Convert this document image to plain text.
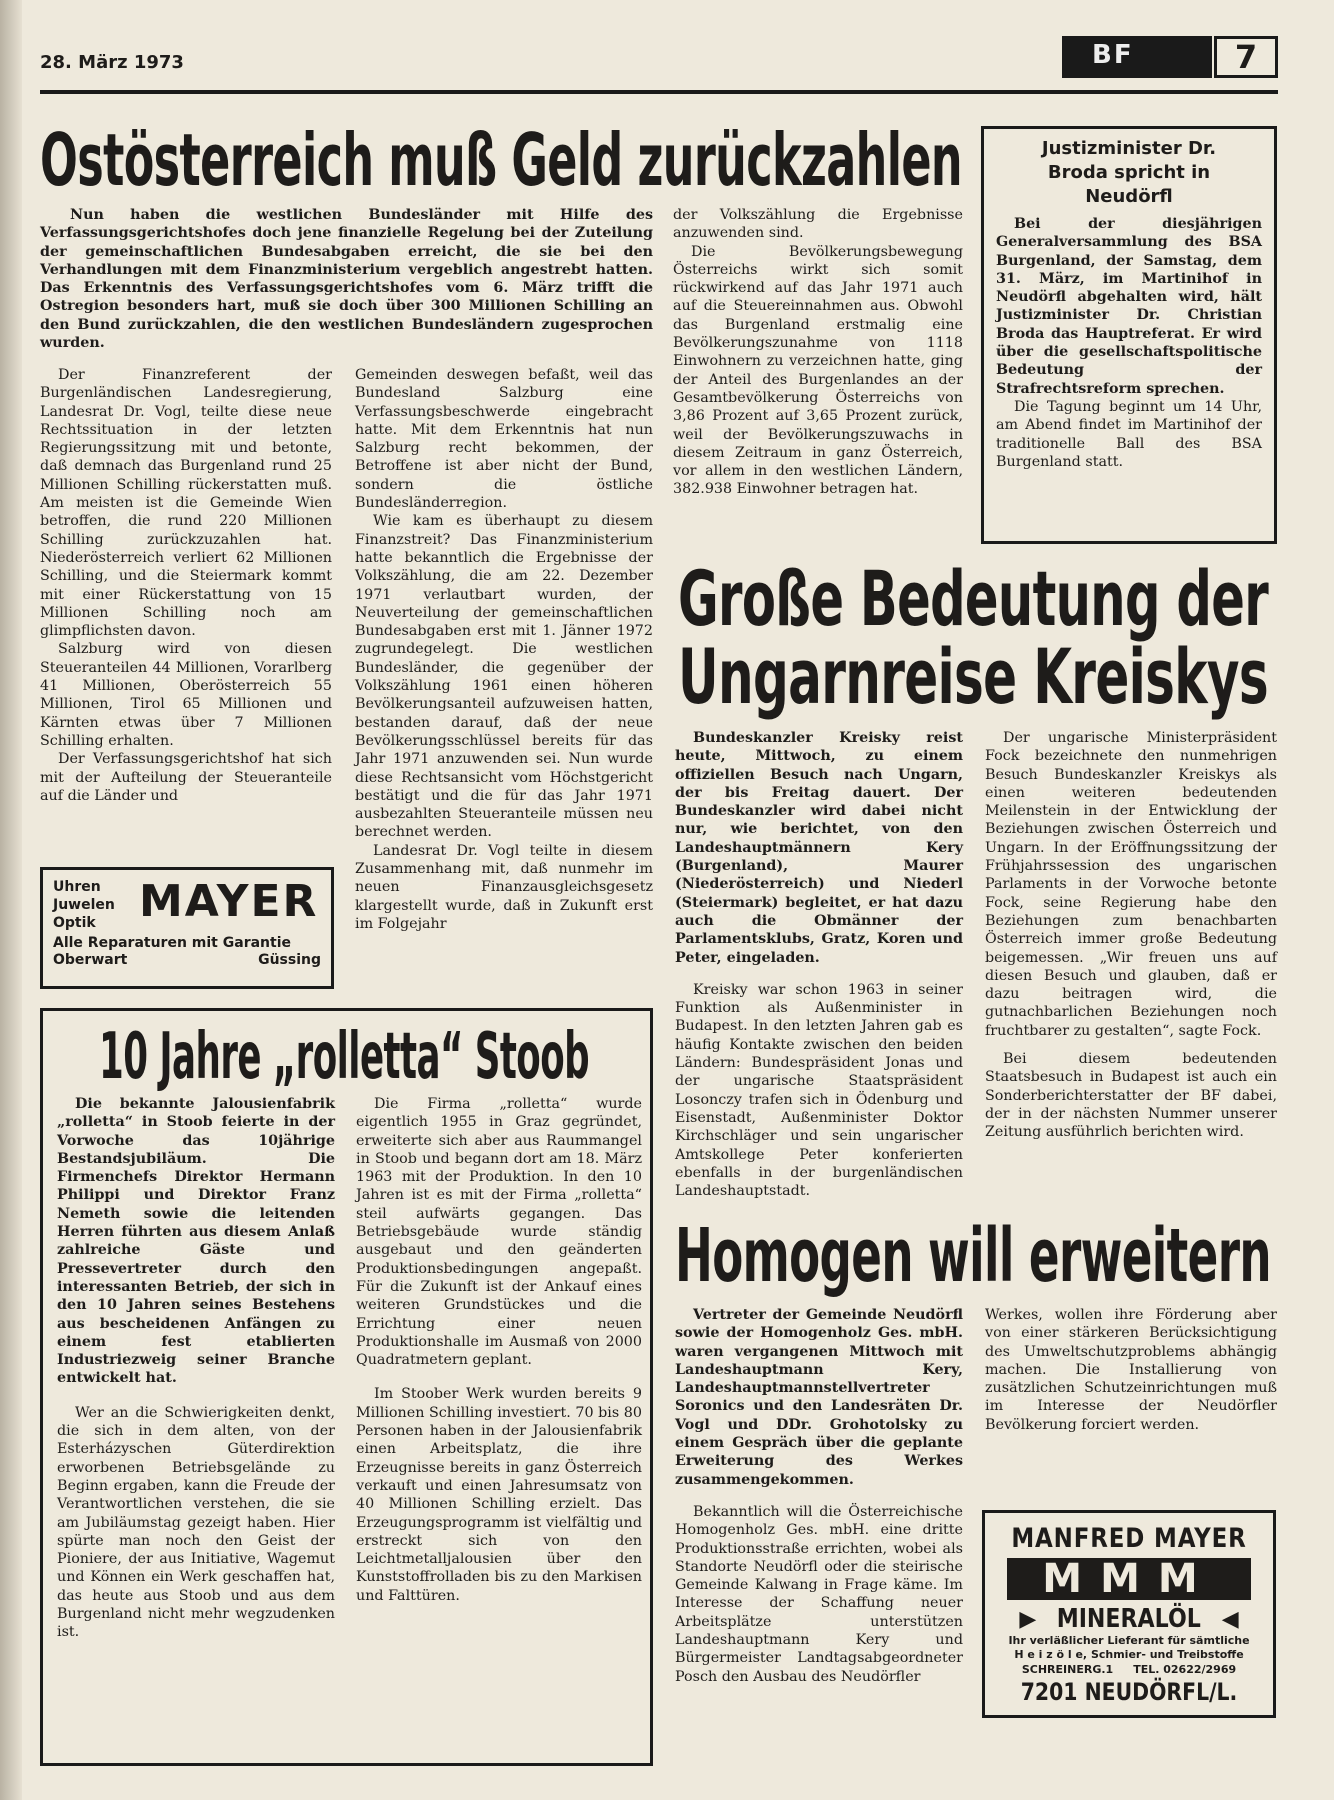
28. März 1973	BF	7
Ostösterreich muß Geld zurückzahlen
Nun haben die westlichen Bundesländer mit Hilfe des Verfassungsgerichtshofes doch jene finanzielle Regelung bei der Zuteilung der gemeinschaftlichen Bundesabgaben erreicht, die sie bei den Verhandlungen mit dem Finanzministerium vergeblich angestrebt hatten. Das Erkenntnis des Verfassungsgerichtshofes vom 6. März trifft die Ostregion besonders hart, muß sie doch über 300 Millionen Schilling an den Bund zurückzahlen, die den westlichen Bundesländern zugesprochen wurden.

Der Finanzreferent der Burgenländischen Landesregierung, Landesrat Dr. Vogl, teilte diese neue Rechtssituation in der letzten Regierungssitzung mit und betonte, daß demnach das Burgenland rund 25 Millionen Schilling rückerstatten muß. Am meisten ist die Gemeinde Wien betroffen, die rund 220 Millionen Schilling zurückzuzahlen hat. Niederösterreich verliert 62 Millionen Schilling, und die Steiermark kommt mit einer Rückerstattung von 15 Millionen Schilling noch am glimpflichsten davon.

Salzburg wird von diesen Steueranteilen 44 Millionen, Vorarlberg 41 Millionen, Oberösterreich 55 Millionen, Tirol 65 Millionen und Kärnten etwas über 7 Millionen Schilling erhalten.

Der Verfassungsgerichtshof hat sich mit der Aufteilung der Steueranteile auf die Länder und

Gemeinden deswegen befaßt, weil das Bundesland Salzburg eine Verfassungsbeschwerde eingebracht hatte. Mit dem Erkenntnis hat nun Salzburg recht bekommen, der Betroffene ist aber nicht der Bund, sondern die östliche Bundesländerregion.

Wie kam es überhaupt zu diesem Finanzstreit? Das Finanzministerium hatte bekanntlich die Ergebnisse der Volkszählung, die am 22. Dezember 1971 verlautbart wurden, der Neuverteilung der gemeinschaftlichen Bundesabgaben erst mit 1. Jänner 1972 zugrundegelegt. Die westlichen Bundesländer, die gegenüber der Volkszählung 1961 einen höheren Bevölkerungsanteil aufzuweisen hatten, bestanden darauf, daß der neue Bevölkerungsschlüssel bereits für das Jahr 1971 anzuwenden sei. Nun wurde diese Rechtsansicht vom Höchstgericht bestätigt und die für das Jahr 1971 ausbezahlten Steueranteile müssen neu berechnet werden.

Landesrat Dr. Vogl teilte in diesem Zusammenhang mit, daß nunmehr im neuen Finanzausgleichsgesetz klargestellt wurde, daß in Zukunft erst im Folgejahr

der Volkszählung die Ergebnisse anzuwenden sind.

Die Bevölkerungsbewegung Österreichs wirkt sich somit rückwirkend auf das Jahr 1971 auch auf die Steuereinnahmen aus. Obwohl das Burgenland erstmalig eine Bevölkerungszunahme von 1118 Einwohnern zu verzeichnen hatte, ging der Anteil des Burgenlandes an der Gesamtbevölkerung Österreichs von 3,86 Prozent auf 3,65 Prozent zurück, weil der Bevölkerungszuwachs in diesem Zeitraum in ganz Österreich, vor allem in den westlichen Ländern, 382.938 Einwohner betragen hat.

Uhren
Juwelen
Optik MAYER
Alle Reparaturen mit Garantie
Oberwart	Güssing
Justizminister Dr. Broda spricht in Neudörfl
Bei der diesjährigen Generalversammlung des BSA Burgenland, der Samstag, dem 31. März, im Martinihof in Neudörfl abgehalten wird, hält Justizminister Dr. Christian Broda das Hauptreferat. Er wird über die gesellschaftspolitische Bedeutung der Strafrechtsreform sprechen.
Die Tagung beginnt um 14 Uhr, am Abend findet im Martinihof der traditionelle Ball des BSA Burgenland statt.
Große Bedeutung der
Ungarnreise Kreiskys

Bundeskanzler Kreisky reist heute, Mittwoch, zu einem offiziellen Besuch nach Ungarn, der bis Freitag dauert. Der Bundeskanzler wird dabei nicht nur, wie berichtet, von den Landeshauptmännern Kery (Burgenland), Maurer (Niederösterreich) und Niederl (Steiermark) begleitet, er hat dazu auch die Obmänner der Parlamentsklubs, Gratz, Koren und Peter, eingeladen.

Kreisky war schon 1963 in seiner Funktion als Außenminister in Budapest. In den letzten Jahren gab es häufig Kontakte zwischen den beiden Ländern: Bundespräsident Jonas und der ungarische Staatspräsident Losonczy trafen sich in Ödenburg und Eisenstadt, Außenminister Doktor Kirchschläger und sein ungarischer Amtskollege Peter konferierten ebenfalls in der burgenländischen Landeshauptstadt.

Der ungarische Ministerpräsident Fock bezeichnete den nunmehrigen Besuch Bundeskanzler Kreiskys als einen weiteren bedeutenden Meilenstein in der Entwicklung der Beziehungen zwischen Österreich und Ungarn. In der Eröffnungssitzung der Frühjahrssession des ungarischen Parlaments in der Vorwoche betonte Fock, seine Regierung habe den Beziehungen zum benachbarten Österreich immer große Bedeutung beigemessen. „Wir freuen uns auf diesen Besuch und glauben, daß er dazu beitragen wird, die gutnachbarlichen Beziehungen noch fruchtbarer zu gestalten“, sagte Fock.

Bei diesem bedeutenden Staatsbesuch in Budapest ist auch ein Sonderberichterstatter der BF dabei, der in der nächsten Nummer unserer Zeitung ausführlich berichten wird.

10 Jahre „rolletta“ Stoob

Die bekannte Jalousienfabrik „rolletta“ in Stoob feierte in der Vorwoche das 10jährige Bestandsjubiläum. Die Firmenchefs Direktor Hermann Philippi und Direktor Franz Nemeth sowie die leitenden Herren führten aus diesem Anlaß zahlreiche Gäste und Pressevertreter durch den interessanten Betrieb, der sich in den 10 Jahren seines Bestehens aus bescheidenen Anfängen zu einem fest etablierten Industriezweig seiner Branche entwickelt hat.

Wer an die Schwierigkeiten denkt, die sich in dem alten, von der Esterházyschen Güterdirektion erworbenen Betriebsgelände zu Beginn ergaben, kann die Freude der Verantwortlichen verstehen, die sie am Jubiläumstag gezeigt haben. Hier spürte man noch den Geist der Pioniere, der aus Initiative, Wagemut und Können ein Werk geschaffen hat, das heute aus Stoob und aus dem Burgenland nicht mehr wegzudenken ist.

Die Firma „rolletta“ wurde eigentlich 1955 in Graz gegründet, erweiterte sich aber aus Raummangel in Stoob und begann dort am 18. März 1963 mit der Produktion. In den 10 Jahren ist es mit der Firma „rolletta“ steil aufwärts gegangen. Das Betriebsgebäude wurde ständig ausgebaut und den geänderten Produktionsbedingungen angepaßt. Für die Zukunft ist der Ankauf eines weiteren Grundstückes und die Errichtung einer neuen Produktionshalle im Ausmaß von 2000 Quadratmetern geplant.

Im Stoober Werk wurden bereits 9 Millionen Schilling investiert. 70 bis 80 Personen haben in der Jalousienfabrik einen Arbeitsplatz, die ihre Erzeugnisse bereits in ganz Österreich verkauft und einen Jahresumsatz von 40 Millionen Schilling erzielt. Das Erzeugungsprogramm ist vielfältig und erstreckt sich von den Leichtmetalljalousien über den Kunststoffrolladen bis zu den Markisen und Falttüren.

Homogen will erweitern

Vertreter der Gemeinde Neudörfl sowie der Homogenholz Ges. mbH. waren vergangenen Mittwoch mit Landeshauptmann Kery, Landeshauptmannstellvertreter Soronics und den Landesräten Dr. Vogl und DDr. Grohotolsky zu einem Gespräch über die geplante Erweiterung des Werkes zusammengekommen.

Bekanntlich will die Österreichische Homogenholz Ges. mbH. eine dritte Produktionsstraße errichten, wobei als Standorte Neudörfl oder die steirische Gemeinde Kalwang in Frage käme. Im Interesse der Schaffung neuer Arbeitsplätze unterstützen Landeshauptmann Kery und Bürgermeister Landtagsabgeordneter Posch den Ausbau des Neudörfler

Werkes, wollen ihre Förderung aber von einer stärkeren Berücksichtigung des Umweltschutzproblems abhängig machen. Die Installierung von zusätzlichen Schutzeinrichtungen muß im Interesse der Neudörfler Bevölkerung forciert werden.

MANFRED MAYER
MMM
▶ MINERALÖL ◀
Ihr verläßlicher Lieferant für sämtliche
H e i z ö l e, Schmier- und Treibstoffe
SCHREINERG.1 TEL. 02622/2969
7201 NEUDÖRFL/L.
